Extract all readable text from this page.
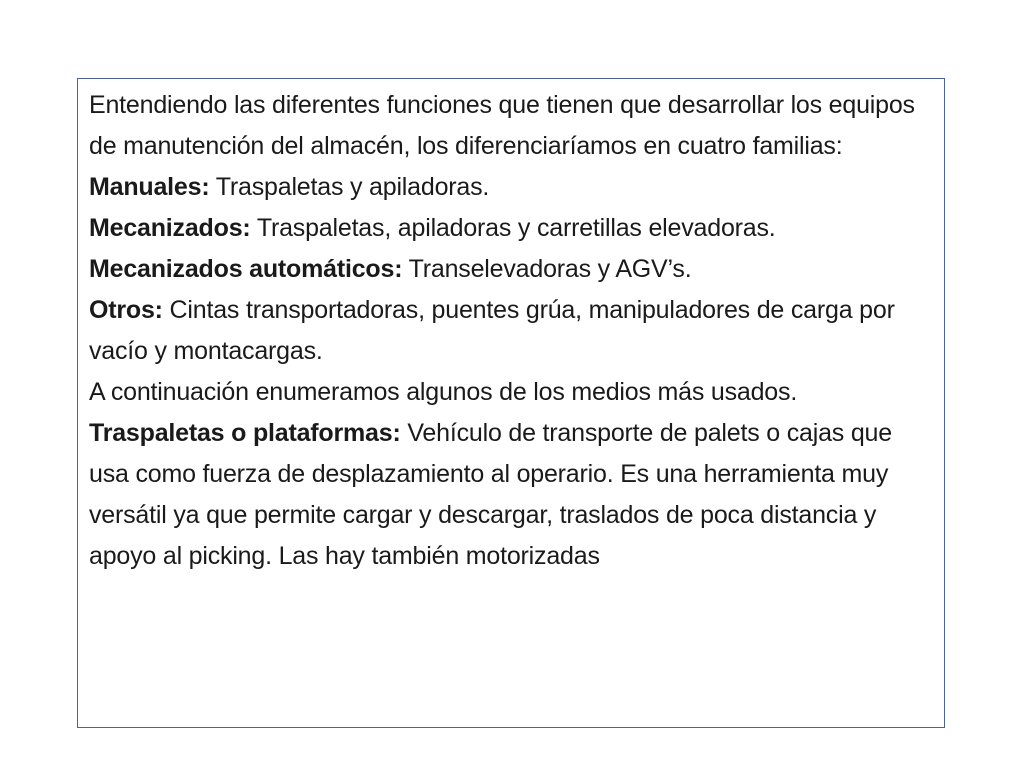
Entendiendo las diferentes funciones que tienen que desarrollar los equipos de manutención del almacén, los diferenciaríamos en cuatro familias:

Manuales: Traspaletas y apiladoras.

Mecanizados: Traspaletas, apiladoras y carretillas elevadoras.

Mecanizados automáticos: Transelevadoras y AGV’s.

Otros: Cintas transportadoras, puentes grúa, manipuladores de carga por vacío y montacargas.

A continuación enumeramos algunos de los medios más usados.

Traspaletas o plataformas: Vehículo de transporte de palets o cajas que usa como fuerza de desplazamiento al operario. Es una herramienta muy versátil ya que permite cargar y descargar, traslados de poca distancia y apoyo al picking. Las hay también motorizadas
